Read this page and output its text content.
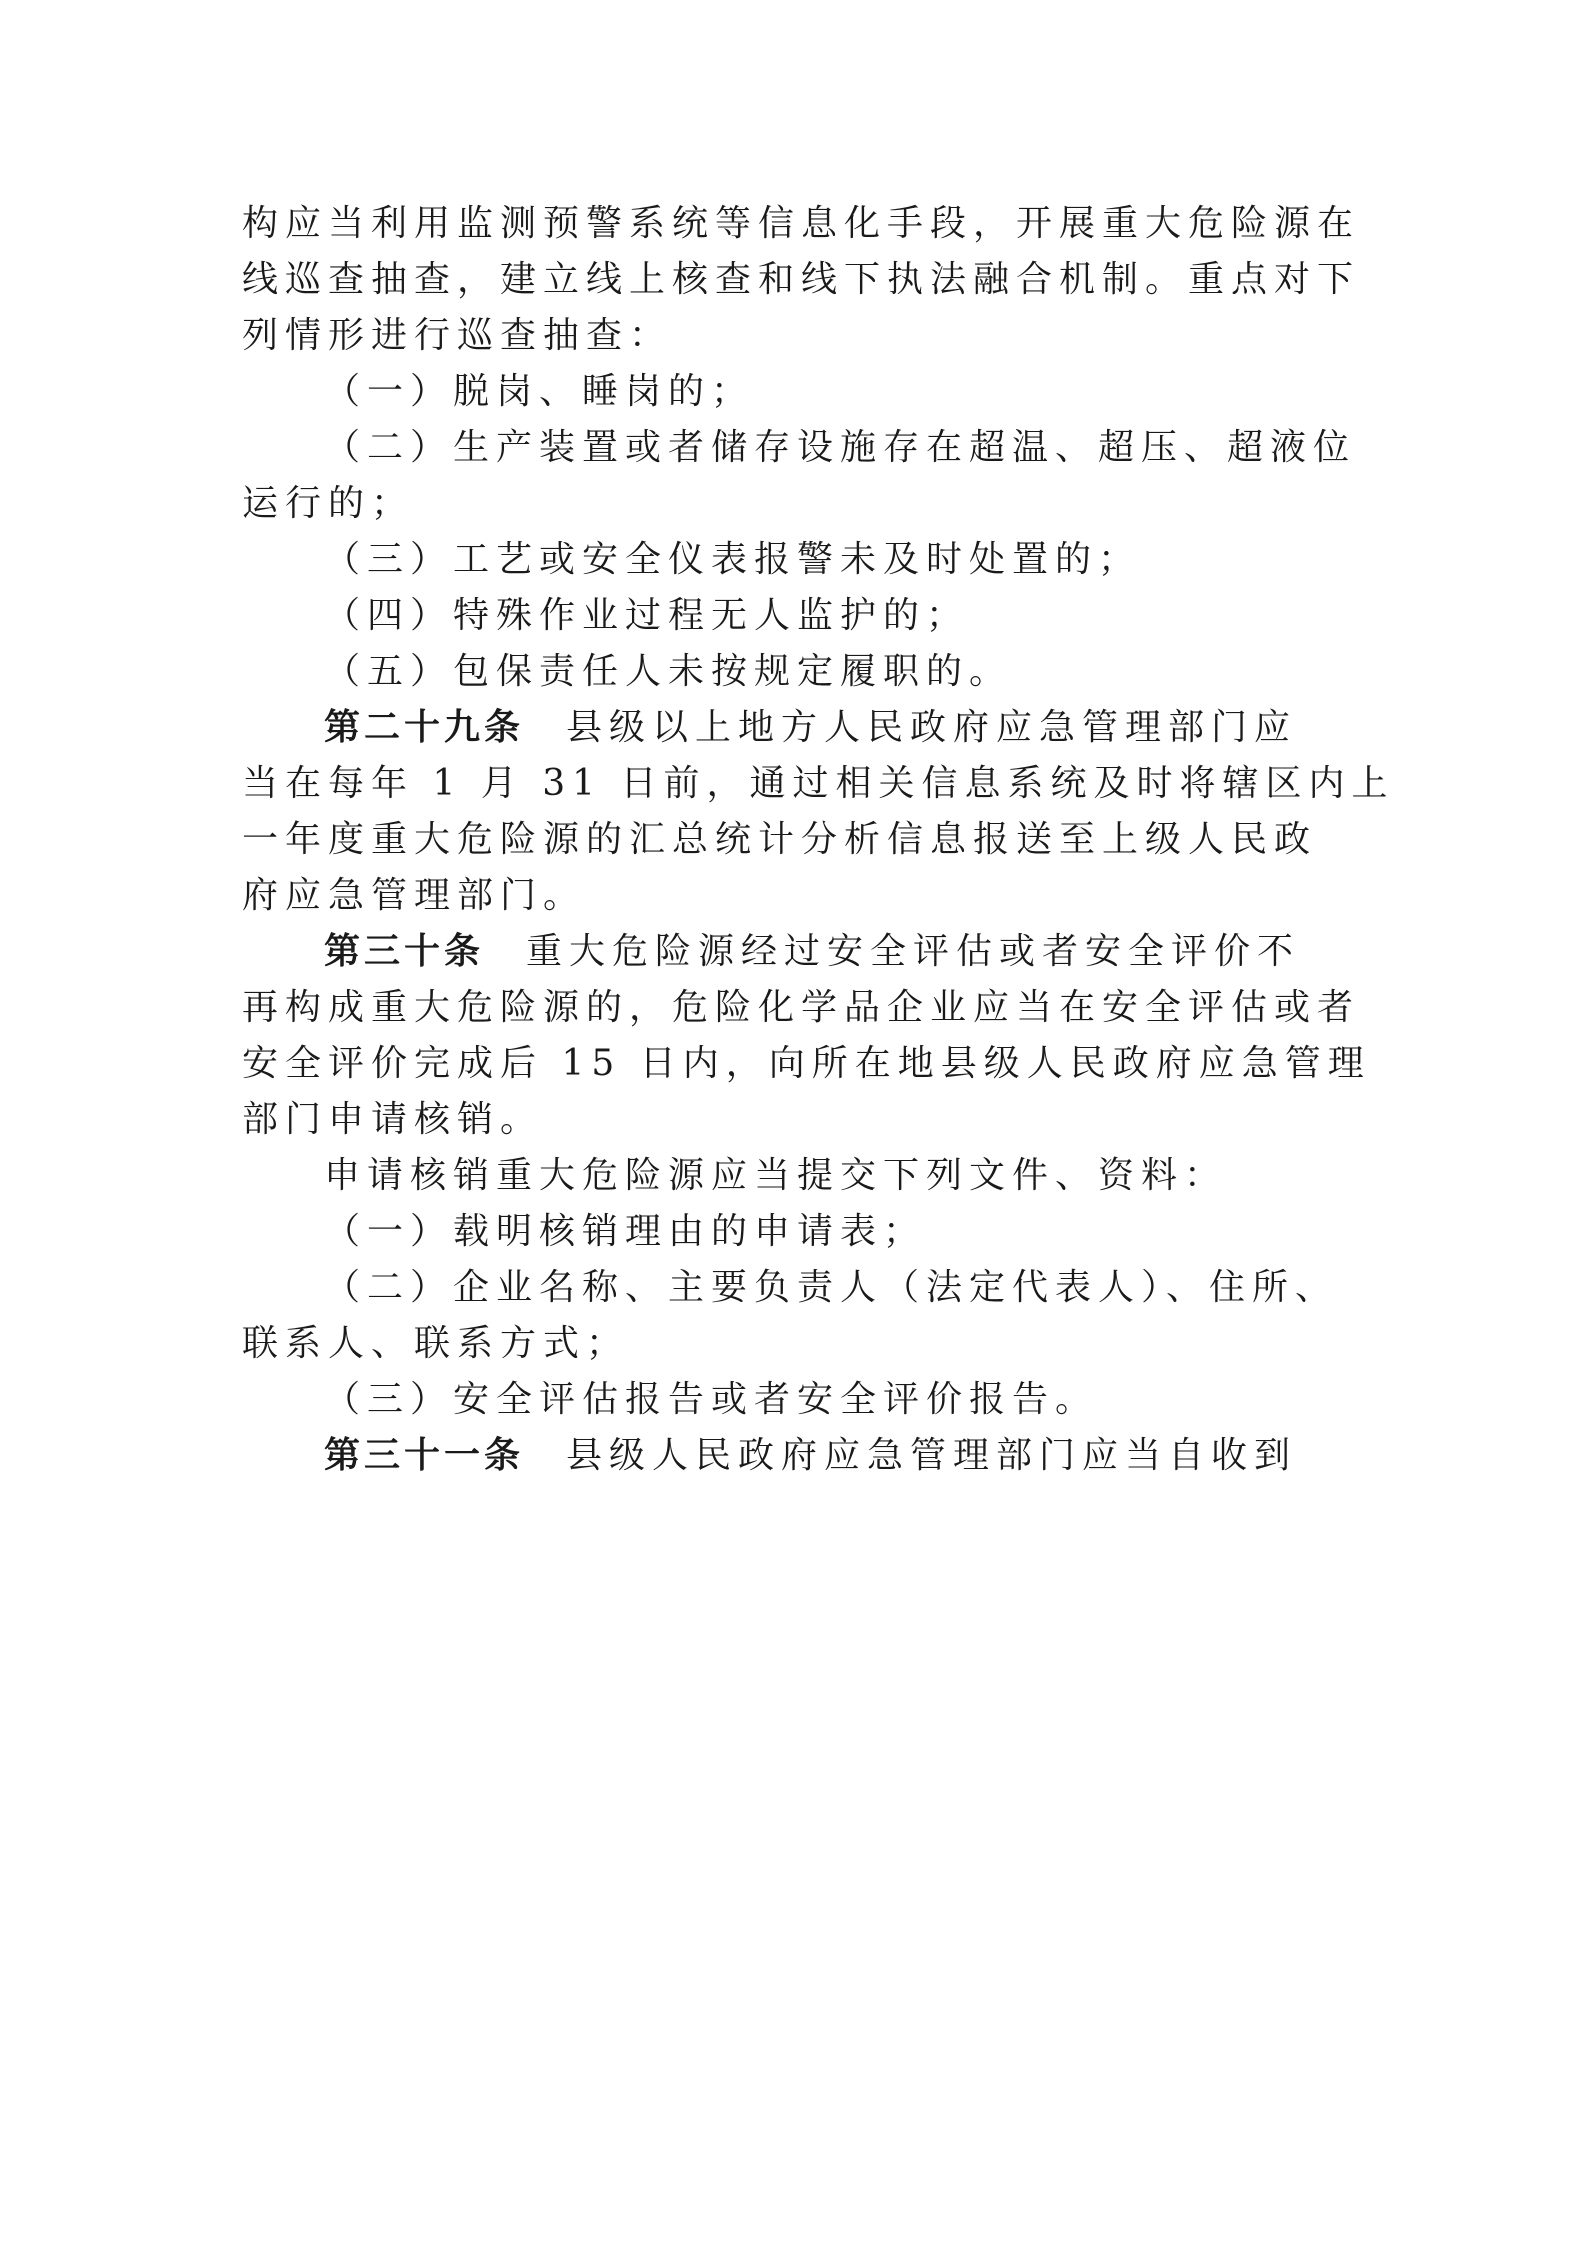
构应当利用监测预警系统等信息化手段，开展重大危险源在
线巡查抽查，建立线上核查和线下执法融合机制。重点对下
列情形进行巡查抽查：
（一）脱岗、睡岗的；
（二）生产装置或者储存设施存在超温、超压、超液位
运行的；
（三）工艺或安全仪表报警未及时处置的；
（四）特殊作业过程无人监护的；
（五）包保责任人未按规定履职的。
第二十九条 县级以上地方人民政府应急管理部门应
当在每年 1 月 31 日前，通过相关信息系统及时将辖区内上
一年度重大危险源的汇总统计分析信息报送至上级人民政
府应急管理部门。
第三十条 重大危险源经过安全评估或者安全评价不
再构成重大危险源的，危险化学品企业应当在安全评估或者
安全评价完成后 15 日内，向所在地县级人民政府应急管理
部门申请核销。
申请核销重大危险源应当提交下列文件、资料：
（一）载明核销理由的申请表；
（二）企业名称、主要负责人（法定代表人）、住所、
联系人、联系方式；
（三）安全评估报告或者安全评价报告。
第三十一条 县级人民政府应急管理部门应当自收到
